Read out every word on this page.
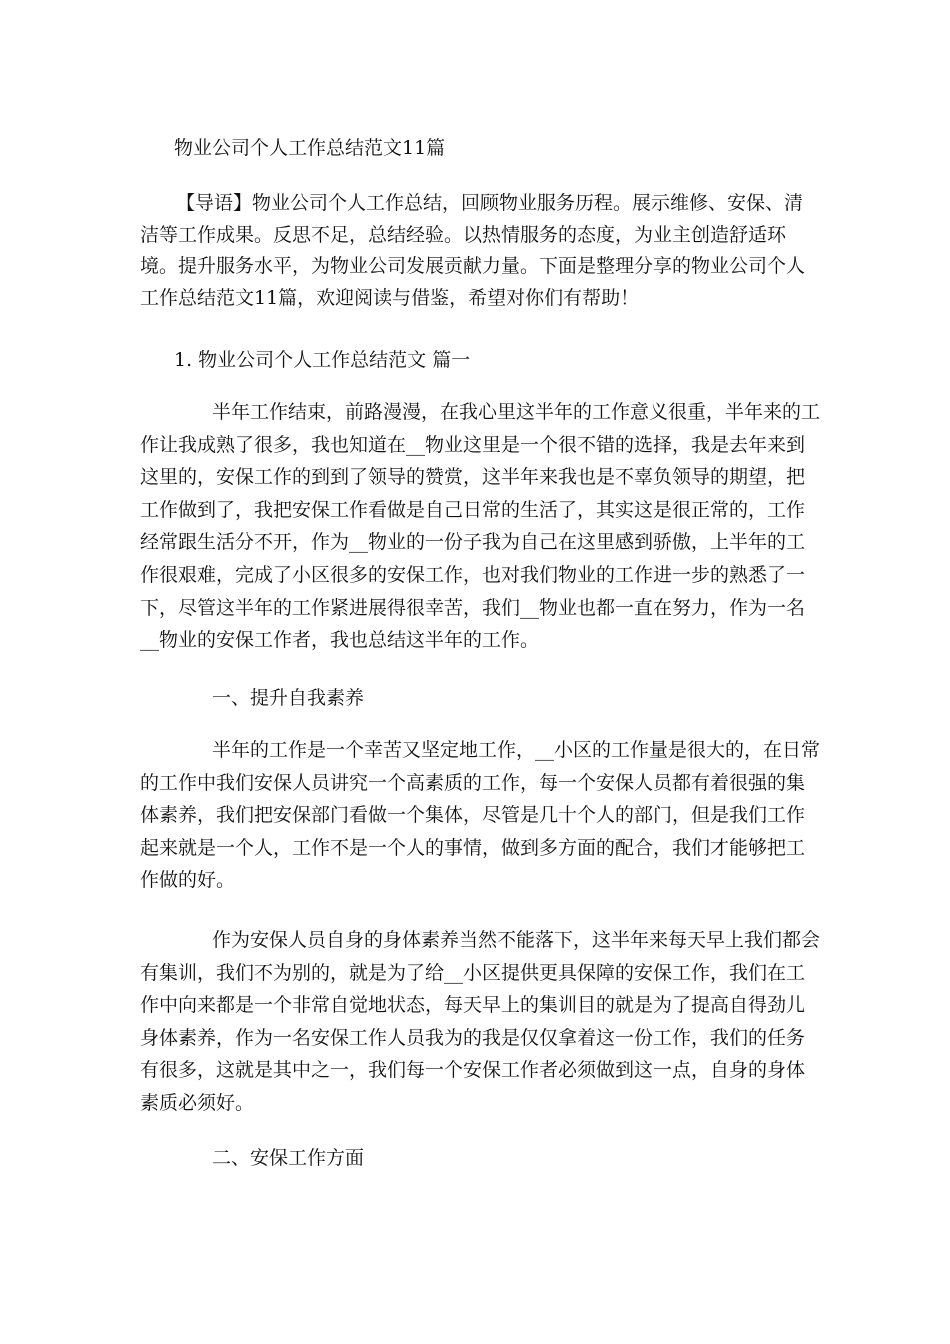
物业公司个人工作总结范文11篇

【导语】物业公司个人工作总结，回顾物业服务历程。展示维修、安保、清洁等工作成果。反思不足，总结经验。以热情服务的态度，为业主创造舒适环境。提升服务水平，为物业公司发展贡献力量。下面是整理分享的物业公司个人工作总结范文11篇，欢迎阅读与借鉴，希望对你们有帮助！

1. 物业公司个人工作总结范文 篇一

半年工作结束，前路漫漫，在我心里这半年的工作意义很重，半年来的工作让我成熟了很多，我也知道在__物业这里是一个很不错的选择，我是去年来到这里的，安保工作的到到了领导的赞赏，这半年来我也是不辜负领导的期望，把工作做到了，我把安保工作看做是自己日常的生活了，其实这是很正常的，工作经常跟生活分不开，作为__物业的一份子我为自己在这里感到骄傲，上半年的工作很艰难，完成了小区很多的安保工作，也对我们物业的工作进一步的熟悉了一下，尽管这半年的工作紧进展得很幸苦，我们__物业也都一直在努力，作为一名__物业的安保工作者，我也总结这半年的工作。

一、提升自我素养

半年的工作是一个幸苦又坚定地工作，__小区的工作量是很大的，在日常的工作中我们安保人员讲究一个高素质的工作，每一个安保人员都有着很强的集体素养，我们把安保部门看做一个集体，尽管是几十个人的部门，但是我们工作起来就是一个人，工作不是一个人的事情，做到多方面的配合，我们才能够把工作做的好。

作为安保人员自身的身体素养当然不能落下，这半年来每天早上我们都会有集训，我们不为别的，就是为了给__小区提供更具保障的安保工作，我们在工作中向来都是一个非常自觉地状态，每天早上的集训目的就是为了提高自得劲儿身体素养，作为一名安保工作人员我为的我是仅仅拿着这一份工作，我们的任务有很多，这就是其中之一，我们每一个安保工作者必须做到这一点，自身的身体素质必须好。

二、安保工作方面
